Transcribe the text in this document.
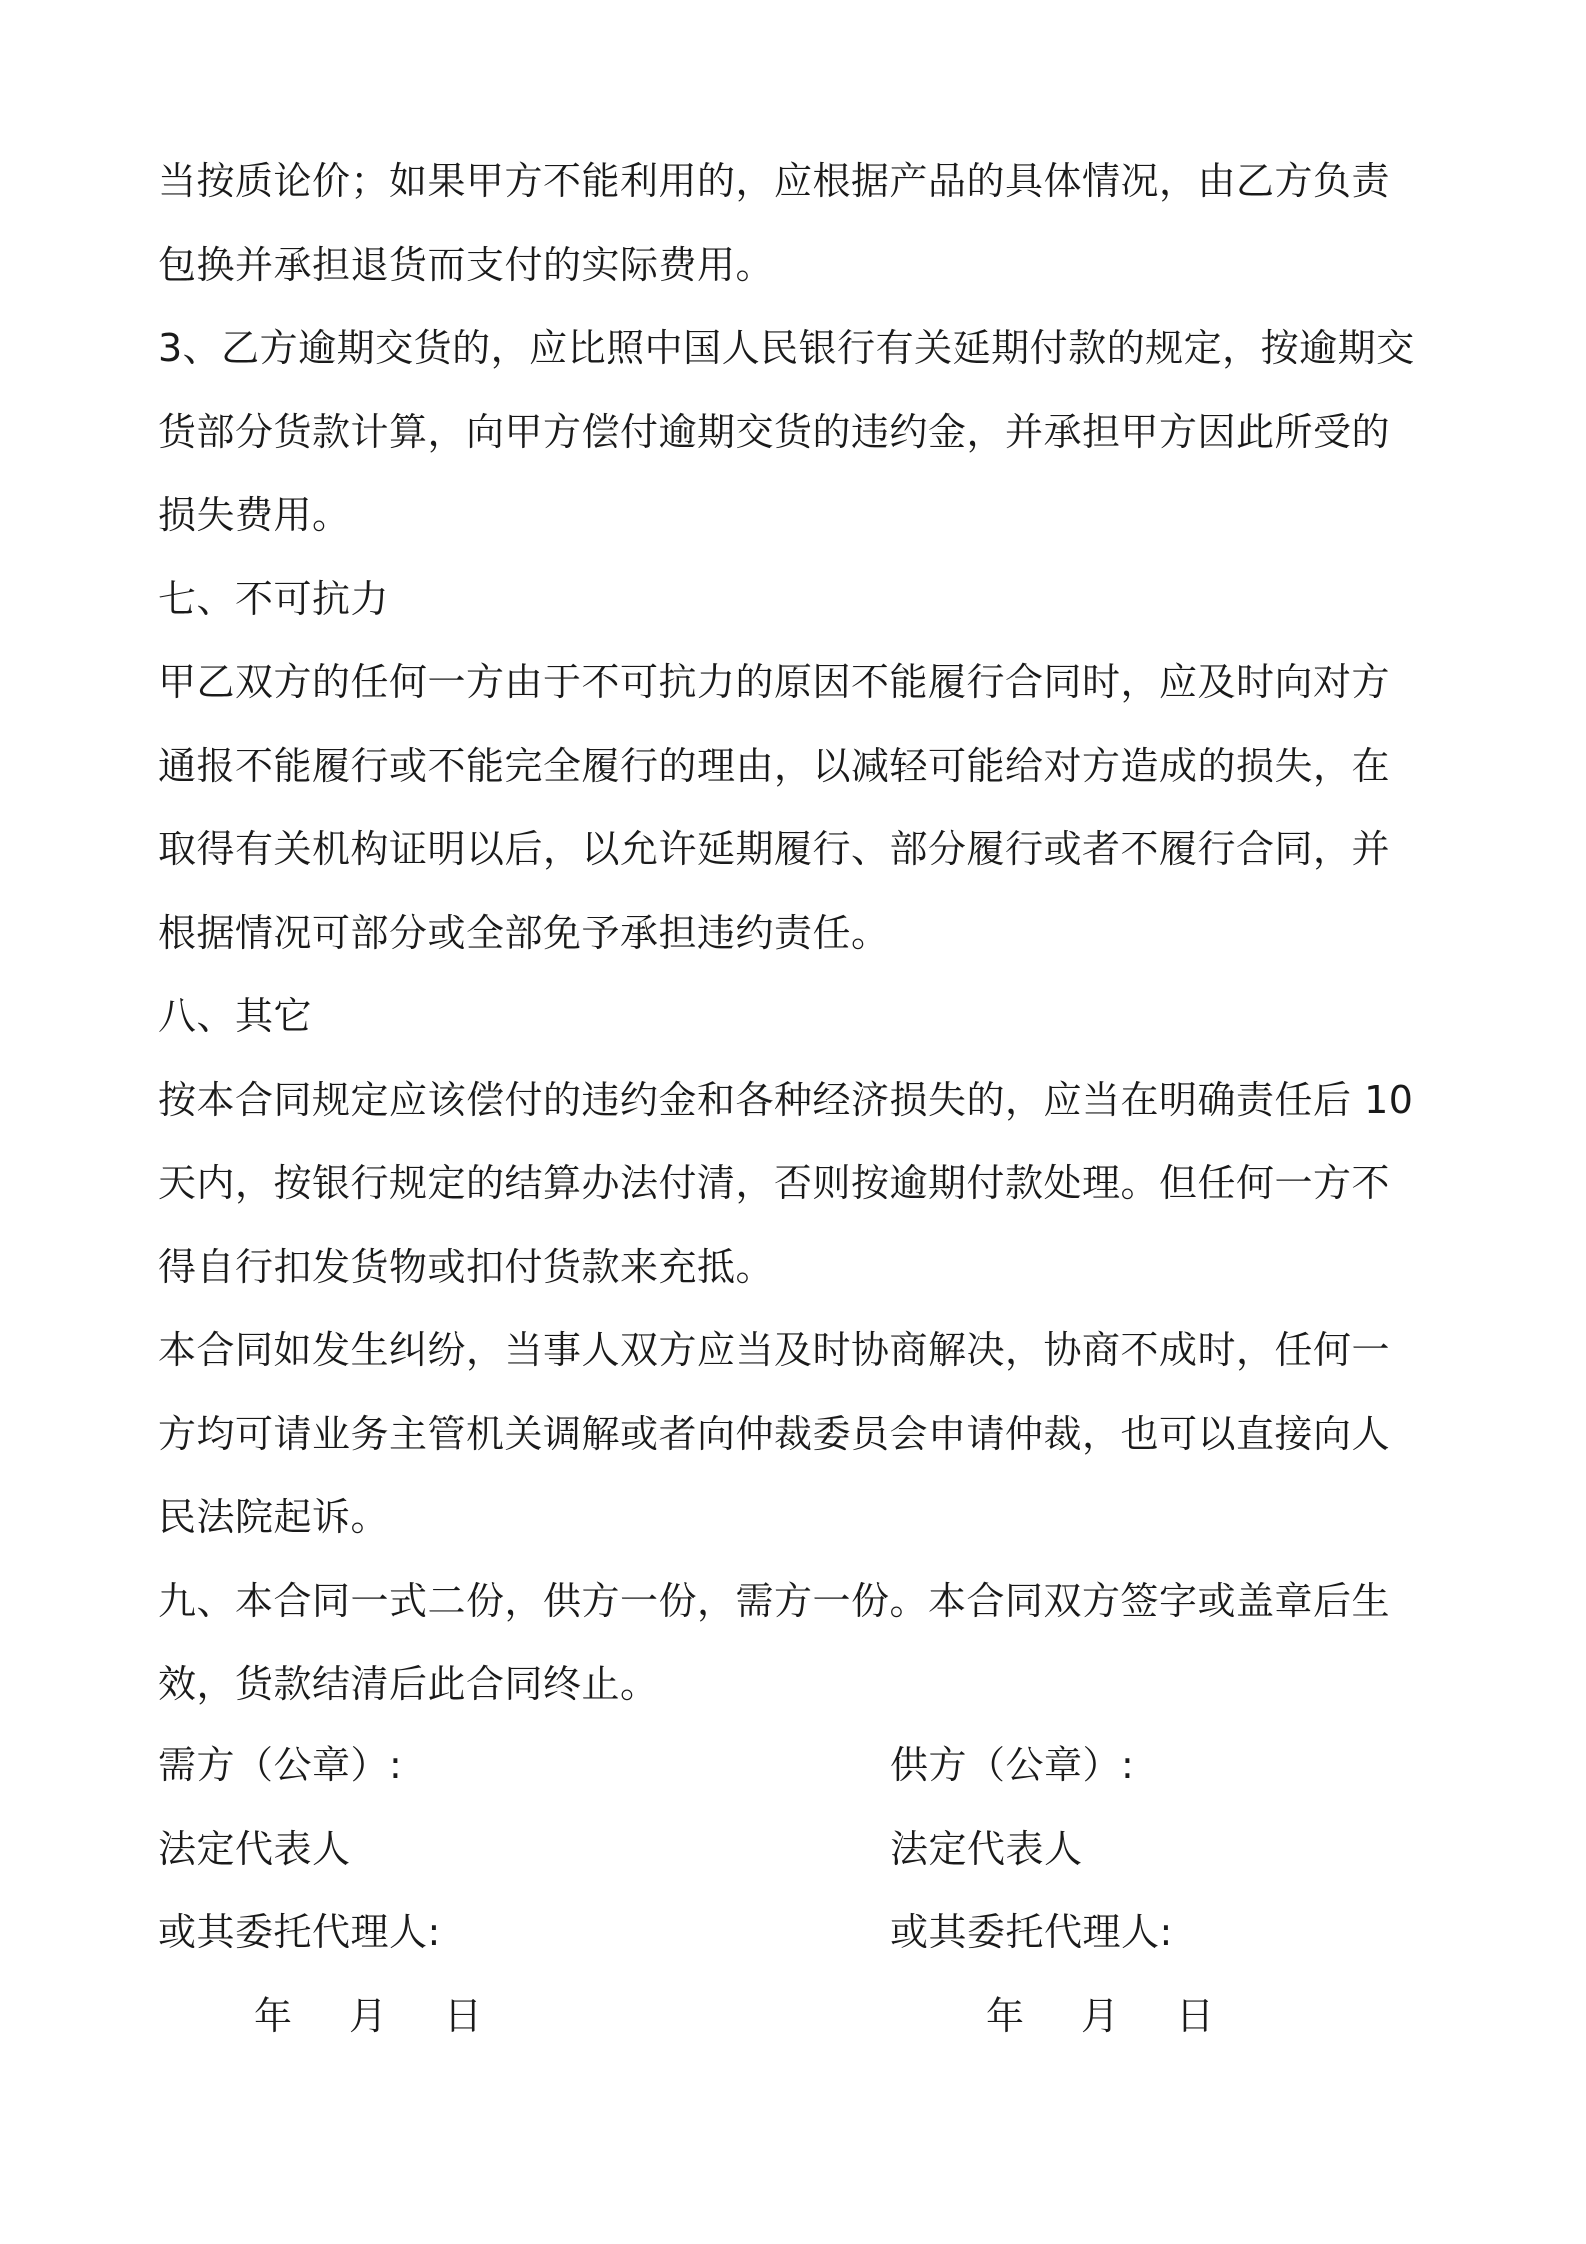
当按质论价；如果甲方不能利用的，应根据产品的具体情况，由乙方负责
包换并承担退货而支付的实际费用。
3、乙方逾期交货的，应比照中国人民银行有关延期付款的规定，按逾期交
货部分货款计算，向甲方偿付逾期交货的违约金，并承担甲方因此所受的
损失费用。
七、不可抗力
甲乙双方的任何一方由于不可抗力的原因不能履行合同时，应及时向对方
通报不能履行或不能完全履行的理由，以减轻可能给对方造成的损失，在
取得有关机构证明以后，以允许延期履行、部分履行或者不履行合同，并
根据情况可部分或全部免予承担违约责任。
八、其它
按本合同规定应该偿付的违约金和各种经济损失的，应当在明确责任后 10
天内，按银行规定的结算办法付清，否则按逾期付款处理。但任何一方不
得自行扣发货物或扣付货款来充抵。
本合同如发生纠纷，当事人双方应当及时协商解决，协商不成时，任何一
方均可请业务主管机关调解或者向仲裁委员会申请仲裁，也可以直接向人
民法院起诉。
九、本合同一式二份，供方一份，需方一份。本合同双方签字或盖章后生
效，货款结清后此合同终止。
需方（公章）:
法定代表人
或其委托代理人:
年	月	日
供方（公章）:
法定代表人
或其委托代理人:
年	月	日
